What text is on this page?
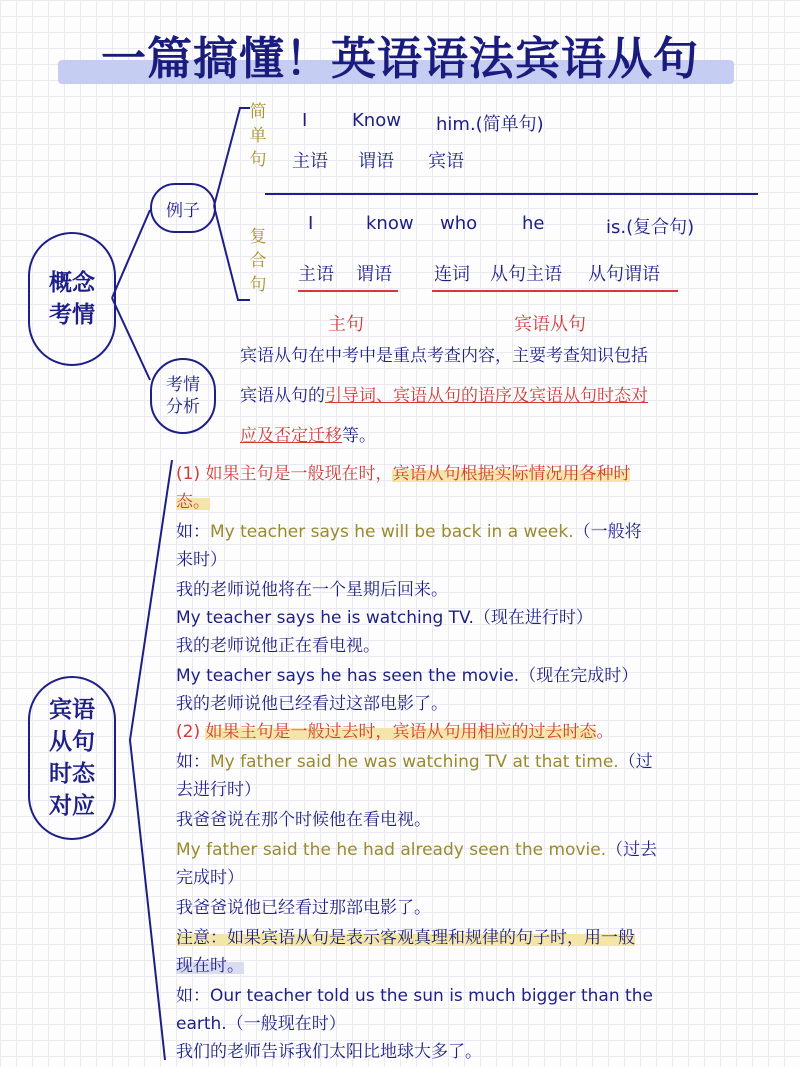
一篇搞懂！英语语法宾语从句
概念
考情
例子
简
单
句
I Know him.(简单句)
主语 谓语 宾语
复
合
句
I	know who he	is.(复合句)
主语 谓语 连词 从句主语 从句谓语
主句	宾语从句
考情
分析
宾语从句在中考中是重点考查内容，主要考查知识包括
宾语从句的引导词、宾语从句的语序及宾语从句时态对
应及否定迁移等。
宾语
从句
时态
对应
(1) 如果主句是一般现在时，宾语从句根据实际情况用各种时
态。
如：My teacher says he will be back in a week.（一般将
来时）
我的老师说他将在一个星期后回来。
My teacher says he is watching TV.（现在进行时）
我的老师说他正在看电视。
My teacher says he has seen the movie.（现在完成时）
我的老师说他已经看过这部电影了。
(2) 如果主句是一般过去时，宾语从句用相应的过去时态。
如：My father said he was watching TV at that time.（过
去进行时）
我爸爸说在那个时候他在看电视。
My father said the he had already seen the movie.（过去
完成时）
我爸爸说他已经看过那部电影了。
注意：如果宾语从句是表示客观真理和规律的句子时，用一般
现在时。
如：Our teacher told us the sun is much bigger than the
earth.（一般现在时）
我们的老师告诉我们太阳比地球大多了。
